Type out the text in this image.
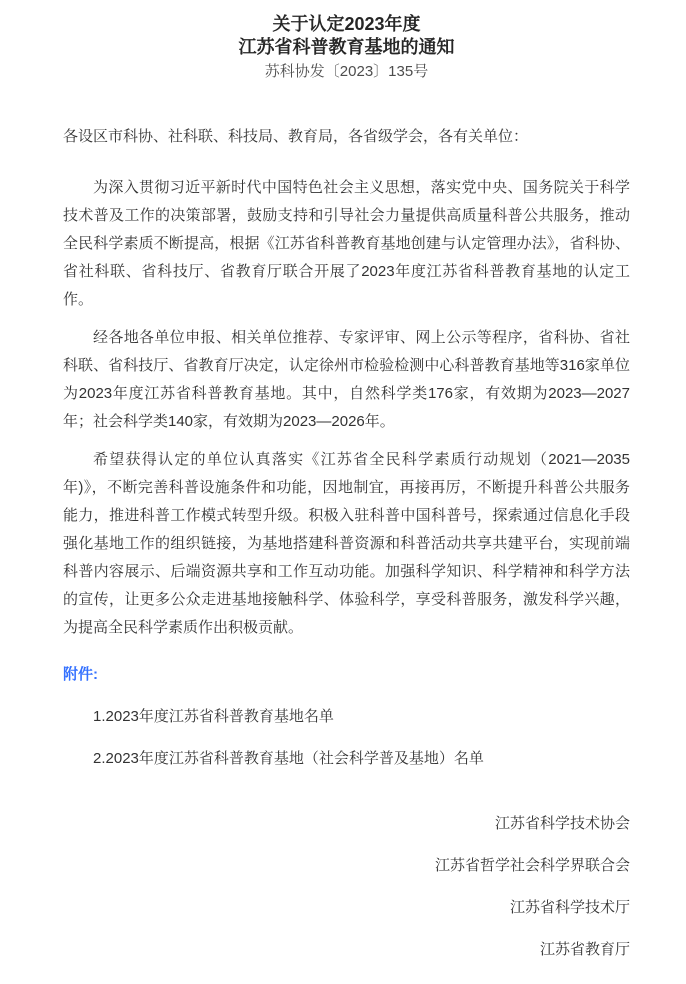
关于认定2023年度
江苏省科普教育基地的通知
苏科协发〔2023〕135号

各设区市科协、社科联、科技局、教育局，各省级学会，各有关单位：

为深入贯彻习近平新时代中国特色社会主义思想，落实党中央、国务院关于科学技术普及工作的决策部署，鼓励支持和引导社会力量提供高质量科普公共服务，推动全民科学素质不断提高，根据《江苏省科普教育基地创建与认定管理办法》，省科协、省社科联、省科技厅、省教育厅联合开展了2023年度江苏省科普教育基地的认定工作。

经各地各单位申报、相关单位推荐、专家评审、网上公示等程序，省科协、省社科联、省科技厅、省教育厅决定，认定徐州市检验检测中心科普教育基地等316家单位为2023年度江苏省科普教育基地。其中，自然科学类176家，有效期为2023—2027年；社会科学类140家，有效期为2023—2026年。

希望获得认定的单位认真落实《江苏省全民科学素质行动规划（2021—2035年)》，不断完善科普设施条件和功能，因地制宜，再接再厉，不断提升科普公共服务能力，推进科普工作模式转型升级。积极入驻科普中国科普号，探索通过信息化手段强化基地工作的组织链接，为基地搭建科普资源和科普活动共享共建平台，实现前端科普内容展示、后端资源共享和工作互动功能。加强科学知识、科学精神和科学方法的宣传，让更多公众走进基地接触科学、体验科学，享受科普服务，激发科学兴趣，为提高全民科学素质作出积极贡献。

附件:

1.2023年度江苏省科普教育基地名单

2.2023年度江苏省科普教育基地（社会科学普及基地）名单

江苏省科学技术协会
江苏省哲学社会科学界联合会
江苏省科学技术厅
江苏省教育厅
